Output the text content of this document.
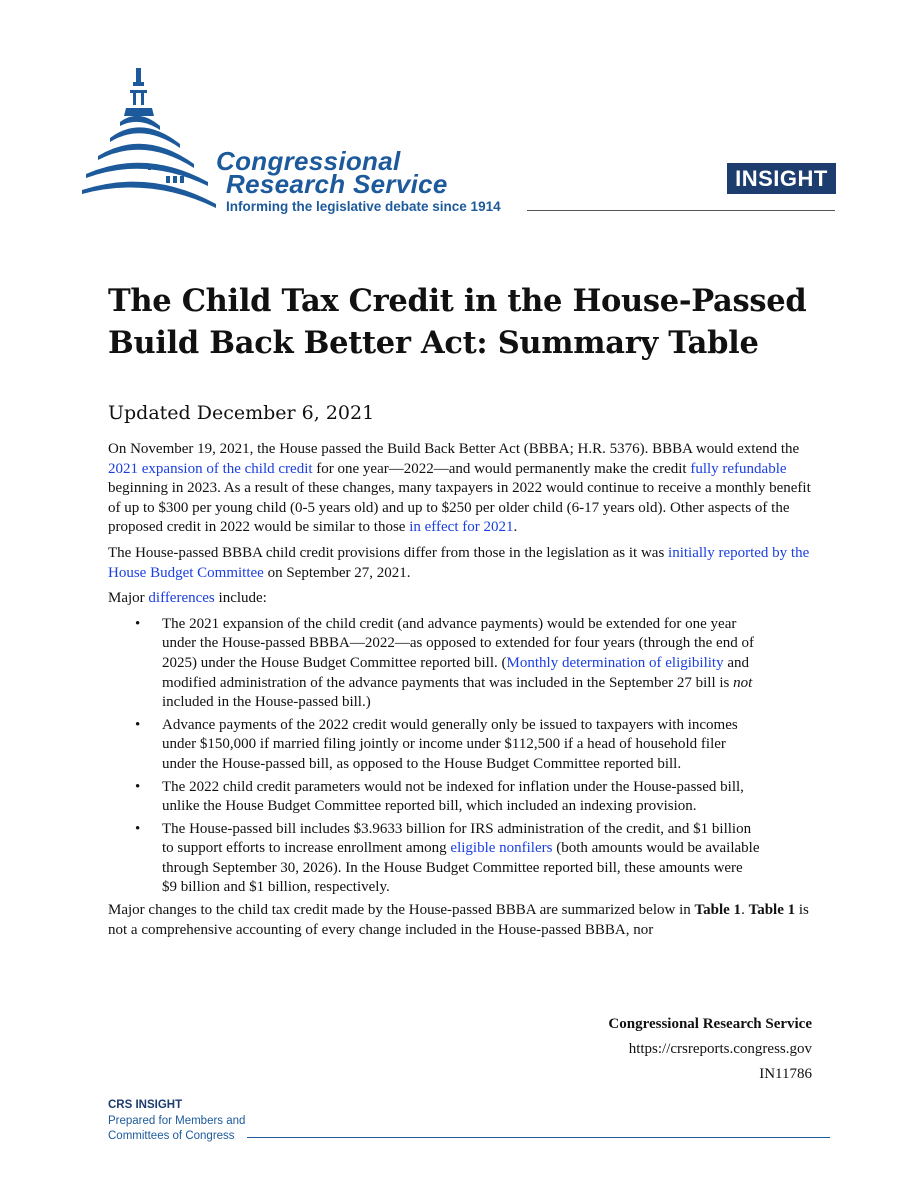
Congressional
Research Service
Informing the legislative debate since 1914
INSIGHT
The Child Tax Credit in the House-Passed Build Back Better Act: Summary Table
Updated December 6, 2021

On November 19, 2021, the House passed the Build Back Better Act (BBBA; H.R. 5376). BBBA would extend the 2021 expansion of the child credit for one year—2022—and would permanently make the credit fully refundable beginning in 2023. As a result of these changes, many taxpayers in 2022 would continue to receive a monthly benefit of up to $300 per young child (0-5 years old) and up to $250 per older child (6-17 years old). Other aspects of the proposed credit in 2022 would be similar to those in effect for 2021.

The House-passed BBBA child credit provisions differ from those in the legislation as it was initially reported by the House Budget Committee on September 27, 2021.

Major differences include:

• The 2021 expansion of the child credit (and advance payments) would be extended for one year under the House-passed BBBA—2022—as opposed to extended for four years (through the end of 2025) under the House Budget Committee reported bill. (Monthly determination of eligibility and modified administration of the advance payments that was included in the September 27 bill is not included in the House-passed bill.)
• Advance payments of the 2022 credit would generally only be issued to taxpayers with incomes under $150,000 if married filing jointly or income under $112,500 if a head of household filer under the House-passed bill, as opposed to the House Budget Committee reported bill.
• The 2022 child credit parameters would not be indexed for inflation under the House-passed bill, unlike the House Budget Committee reported bill, which included an indexing provision.
• The House-passed bill includes $3.9633 billion for IRS administration of the credit, and $1 billion to support efforts to increase enrollment among eligible nonfilers (both amounts would be available through September 30, 2026). In the House Budget Committee reported bill, these amounts were $9 billion and $1 billion, respectively.

Major changes to the child tax credit made by the House-passed BBBA are summarized below in Table 1. Table 1 is not a comprehensive accounting of every change included in the House-passed BBBA, nor

Congressional Research Service
https://crsreports.congress.gov
IN11786
CRS INSIGHT
Prepared for Members and
Committees of Congress
